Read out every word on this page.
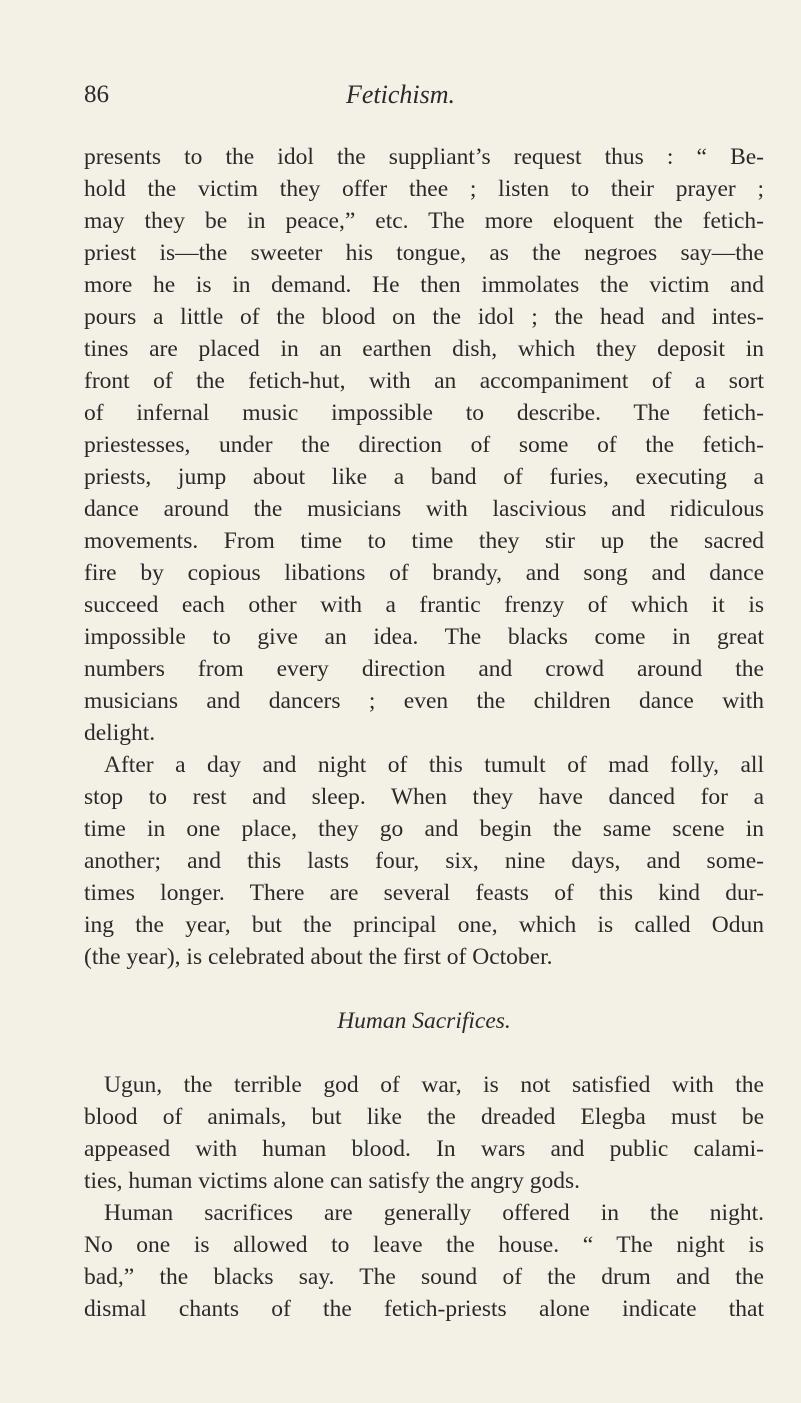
86	Fetichism.
presents to the idol the suppliant’s request thus : “ Be-
hold the victim they offer thee ; listen to their prayer ;
may they be in peace,” etc. The more eloquent the fetich-
priest is—the sweeter his tongue, as the negroes say—the
more he is in demand. He then immolates the victim and
pours a little of the blood on the idol ; the head and intes-
tines are placed in an earthen dish, which they deposit in
front of the fetich-hut, with an accompaniment of a sort
of infernal music impossible to describe. The fetich-
priestesses, under the direction of some of the fetich-
priests, jump about like a band of furies, executing a
dance around the musicians with lascivious and ridiculous
movements. From time to time they stir up the sacred
fire by copious libations of brandy, and song and dance
succeed each other with a frantic frenzy of which it is
impossible to give an idea. The blacks come in great
numbers from every direction and crowd around the
musicians and dancers ; even the children dance with
delight.
After a day and night of this tumult of mad folly, all
stop to rest and sleep. When they have danced for a
time in one place, they go and begin the same scene in
another; and this lasts four, six, nine days, and some-
times longer. There are several feasts of this kind dur-
ing the year, but the principal one, which is called Odun
(the year), is celebrated about the first of October.
Human Sacrifices.
Ugun, the terrible god of war, is not satisfied with the
blood of animals, but like the dreaded Elegba must be
appeased with human blood. In wars and public calami-
ties, human victims alone can satisfy the angry gods.
Human sacrifices are generally offered in the night.
No one is allowed to leave the house. “ The night is
bad,” the blacks say. The sound of the drum and the
dismal chants of the fetich-priests alone indicate that
